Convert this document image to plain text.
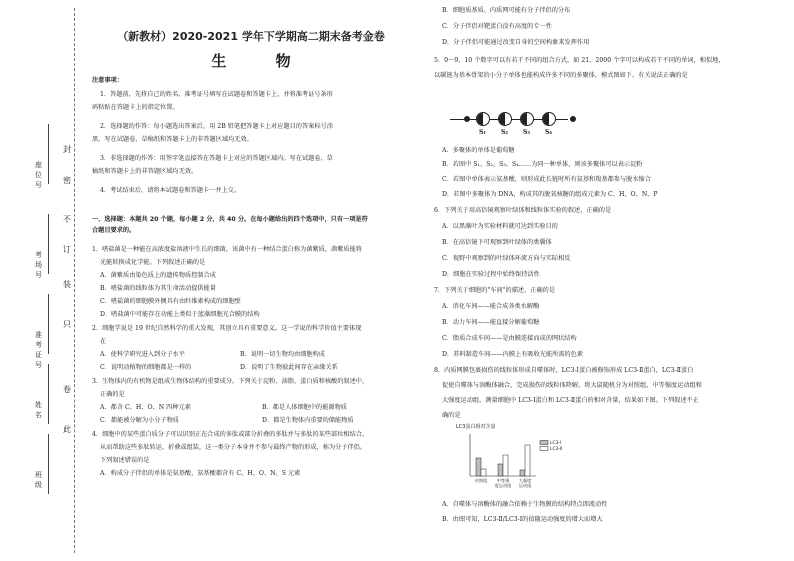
封
密
不
订
装
只
卷
此
班级
姓名
准考证号
考场号
座位号
（新教材）2020-2021 学年下学期高二期末备考金卷
生 物
注意事项：
1．答题前，先将自己的姓名、准考证号填写在试题卷和答题卡上，并将准考证号条形
码粘贴在答题卡上的指定位置。
2．选择题的作答：每小题选出答案后，用 2B 铅笔把答题卡上对应题目的答案标号涂
黑，写在试题卷、草稿纸和答题卡上的非答题区域均无效。
3．非选择题的作答：用签字笔直接答在答题卡上对应的答题区域内。写在试题卷、草
稿纸和答题卡上的非答题区域均无效。
4．考试结束后，请将本试题卷和答题卡一并上交。
一、选择题：本题共 20 个题，每小题 2 分，共 40 分。在每小题给出的四个选项中，只有一项是符
合题目要求的。
1．嗜盐菌是一种能在高浓度盐溶液中生长的细菌，该菌中有一种结合蛋白称为菌紫质，菌紫质能将
光能转换成化学能。下列叙述正确的是
A．菌紫质由染色质上的遗传物质控制合成
B．嗜盐菌的线粒体为其生命活动提供能量
C．嗜盐菌的细胞膜外侧具有由纤维素构成的细胞壁
D．嗜盐菌中可能存在功能上类似于蓝藻细胞光合膜的结构
2．细胞学说是 19 世纪自然科学的重大发现，其创立具有重要意义。这一学说的科学价值主要体现
在
A．使科学研究进入到分子水平	B．说明一切生物均由细胞构成
C．说明动植物的细胞都是一样的	D．说明了生物彼此间存在亲缘关系
3．生物体内的有机物是组成生物体结构的重要成分。下列关于淀粉、油脂、蛋白质和核酸的叙述中，
正确的是
A．都含 C、H、O、N 四种元素	B．都是人体细胞中的能源物质
C．都能被分解为小分子物质	D．都是生物体内重要的储能物质
4．细胞中的某些蛋白质分子可以识别正在合成的多肽或部分折叠的多肽并与多肽的某些部位相结合，
从而帮助这些多肽转运、折叠或组装，这一类分子本身并不参与最终产物的形成，称为分子伴侣。
下列叙述错误的是
A．构成分子伴侣的单体是氨基酸，氨基酸都含有 C、H、O、N、S 元素
B．细胞质基质、内质网可能有分子伴侣的分布
C．分子伴侣对靶蛋白没有高度的专一性
D．分子伴侣可能通过改变自身的空间构象来发挥作用
5．0～9，10 个数字可以有若干不同的组合方式，如 21、2000 个字可以构成若干不同的单词，相似地，
以碳链为基本骨架的小分子单体也能构成许多不同的多聚体，模式图如下。有关说法正确的是
S₁	S₂	S₃	S₄
A．多聚体的单体是葡萄糖
B．若图中 S₁、S₂、S₃、S₄……为同一种单体，则该多聚体可以表示淀粉
C．若图中单体表示氨基酸，则形成此长链时所有氨基和羧基都参与脱水缩合
D．若图中多聚体为 DNA，构成其的脱氧核糖的组成元素为 C、H、O、N、P
6．下列关于用高倍镜观察叶绿体和线粒体实验的叙述，正确的是
A．以黑藻叶为实验材料就可达到实验目的
B．在高倍镜下可观察到叶绿体的类囊体
C．视野中观察到的叶绿体环流方向与实际相反
D．细胞在实验过程中始终保持活性
7．下列关于细胞的"车间"的描述，正确的是
A．消化车间——能合成各类水解酶
B．动力车间——能直接分解葡萄糖
C．脂质合成车间——是由膜连接而成的网状结构
D．养料制造车间——内膜上有吸收光能所需的色素
8．内质网膜包裹损伤的线粒体形成自噬体时，LC3-Ⅰ蛋白被修饰形成 LC3-Ⅱ蛋白，LC3-Ⅱ蛋白
促使自噬体与溶酶体融合，完成损伤的线粒体降解。将大鼠随机分为对照组、中等强度运动组和
大强度运动组，测量细胞中 LC3-Ⅰ蛋白和 LC3-Ⅱ蛋白的相对含量，结果如下图。下列叙述不正
确的是
LC3蛋白相对含量
对照组 中等强
度运动组
大强度
运动组
LC3-Ⅰ
LC3-Ⅱ
A．自噬体与溶酶体的融合依赖于生物膜的结构特点即流动性
B．由图可知，LC3-Ⅱ/LC3-Ⅰ的值随运动强度的增大而增大
